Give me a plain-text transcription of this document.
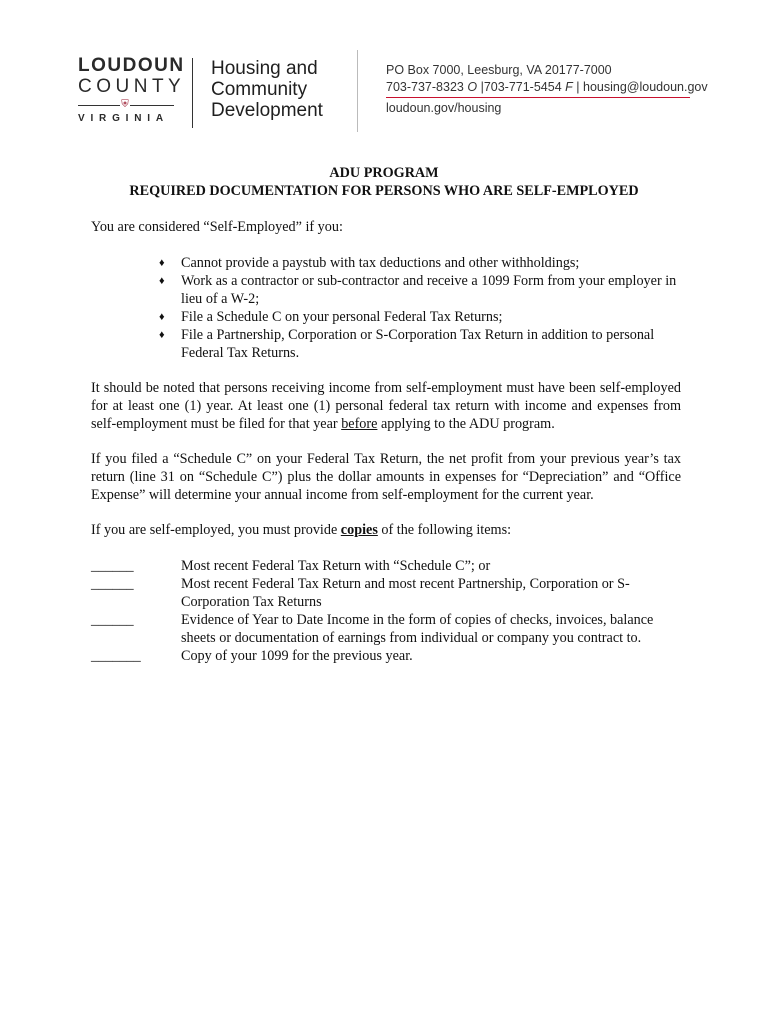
LOUDOUN
COUNTY
⛨
VIRGINIA
Housing and
Community
Development
PO Box 7000, Leesburg, VA 20177-7000
703-737-8323 O |703-771-5454 F | housing@loudoun.gov
loudoun.gov/housing
ADU PROGRAM
REQUIRED DOCUMENTATION FOR PERSONS WHO ARE SELF-EMPLOYED

You are considered “Self-Employed” if you:

♦ Cannot provide a paystub with tax deductions and other withholdings;
♦ Work as a contractor or sub-contractor and receive a 1099 Form from your employer in lieu of a W-2;
♦ File a Schedule C on your personal Federal Tax Returns;
♦ File a Partnership, Corporation or S-Corporation Tax Return in addition to personal Federal Tax Returns.

It should be noted that persons receiving income from self-employment must have been self-employed for at least one (1) year. At least one (1) personal federal tax return with income and expenses from self-employment must be filed for that year before applying to the ADU program.

If you filed a “Schedule C” on your Federal Tax Return, the net profit from your previous year’s tax return (line 31 on “Schedule C”) plus the dollar amounts in expenses for “Depreciation” and “Office Expense” will determine your annual income from self-employment for the current year.

If you are self-employed, you must provide copies of the following items:

______	Most recent Federal Tax Return with “Schedule C”; or
______	Most recent Federal Tax Return and most recent Partnership, Corporation or S-Corporation Tax Returns
______	Evidence of Year to Date Income in the form of copies of checks, invoices, balance sheets or documentation of earnings from individual or company you contract to.
_______	Copy of your 1099 for the previous year.
